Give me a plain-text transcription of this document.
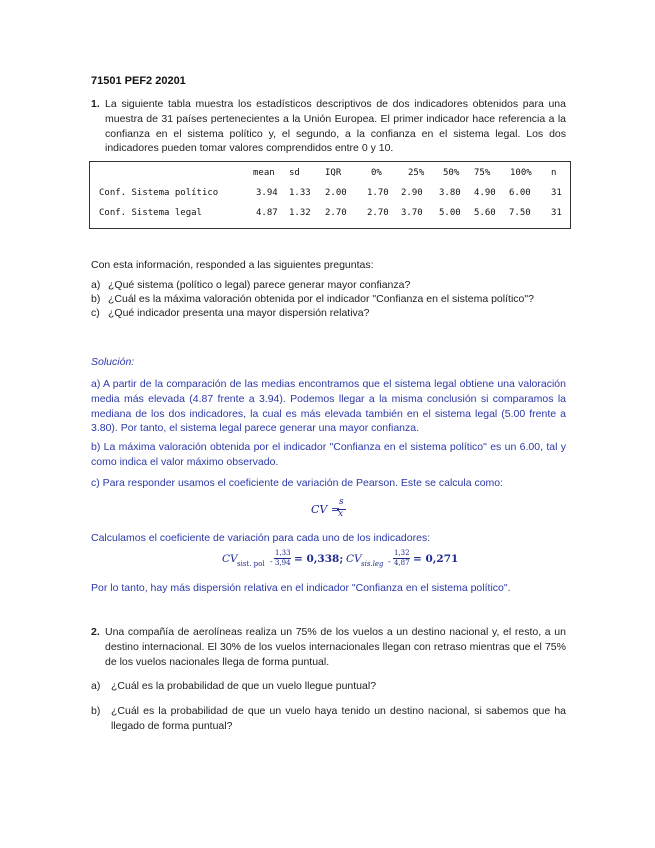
71501 PEF2 20201
1. La siguiente tabla muestra los estadísticos descriptivos de dos indicadores obtenidos para una muestra de 31 países pertenecientes a la Unión Europea. El primer indicador hace referencia a la confianza en el sistema político y, el segundo, a la confianza en el sistema legal. Los dos indicadores pueden tomar valores comprendidos entre 0 y 10.
mean sd	IQR	0%	25% 50% 75% 100% n
Conf. Sistema político	3.94 1.33 2.00 1.70 2.90 3.80 4.90 6.00 31
Conf. Sistema legal	4.87 1.32 2.70 2.70 3.70 5.00 5.60 7.50 31
Con esta información, responded a las siguientes preguntas:
a) ¿Qué sistema (político o legal) parece generar mayor confianza?
b) ¿Cuál es la máxima valoración obtenida por el indicador "Confianza en el sistema político"?
c) ¿Qué indicador presenta una mayor dispersión relativa?
Solución:
a) A partir de la comparación de las medias encontramos que el sistema legal obtiene una valoración media más elevada (4.87 frente a 3.94). Podemos llegar a la misma conclusión si comparamos la mediana de los dos indicadores, la cual es más elevada también en el sistema legal (5.00 frente a 3.80). Por tanto, el sistema legal parece generar una mayor confianza.
b) La máxima valoración obtenida por el indicador "Confianza en el sistema político" es un 6.00, tal y como indica el valor máximo observado.
c) Para responder usamos el coeficiente de variación de Pearson. Este se calcula como:
CV =
s
x̄
Calculamos el coeficiente de variación para cada uno de los indicadores:
CV sist. pol -
1,33
3,94 = 0,338; CV sis.leg -
1,32
4,87 = 0,271
Por lo tanto, hay más dispersión relativa en el indicador "Confianza en el sistema político".
2. Una compañía de aerolíneas realiza un 75% de los vuelos a un destino nacional y, el resto, a un destino internacional. El 30% de los vuelos internacionales llegan con retraso mientras que el 75% de los vuelos nacionales llega de forma puntual.
a) ¿Cuál es la probabilidad de que un vuelo llegue puntual?
b) ¿Cuál es la probabilidad de que un vuelo haya tenido un destino nacional, si sabemos que ha llegado de forma puntual?
